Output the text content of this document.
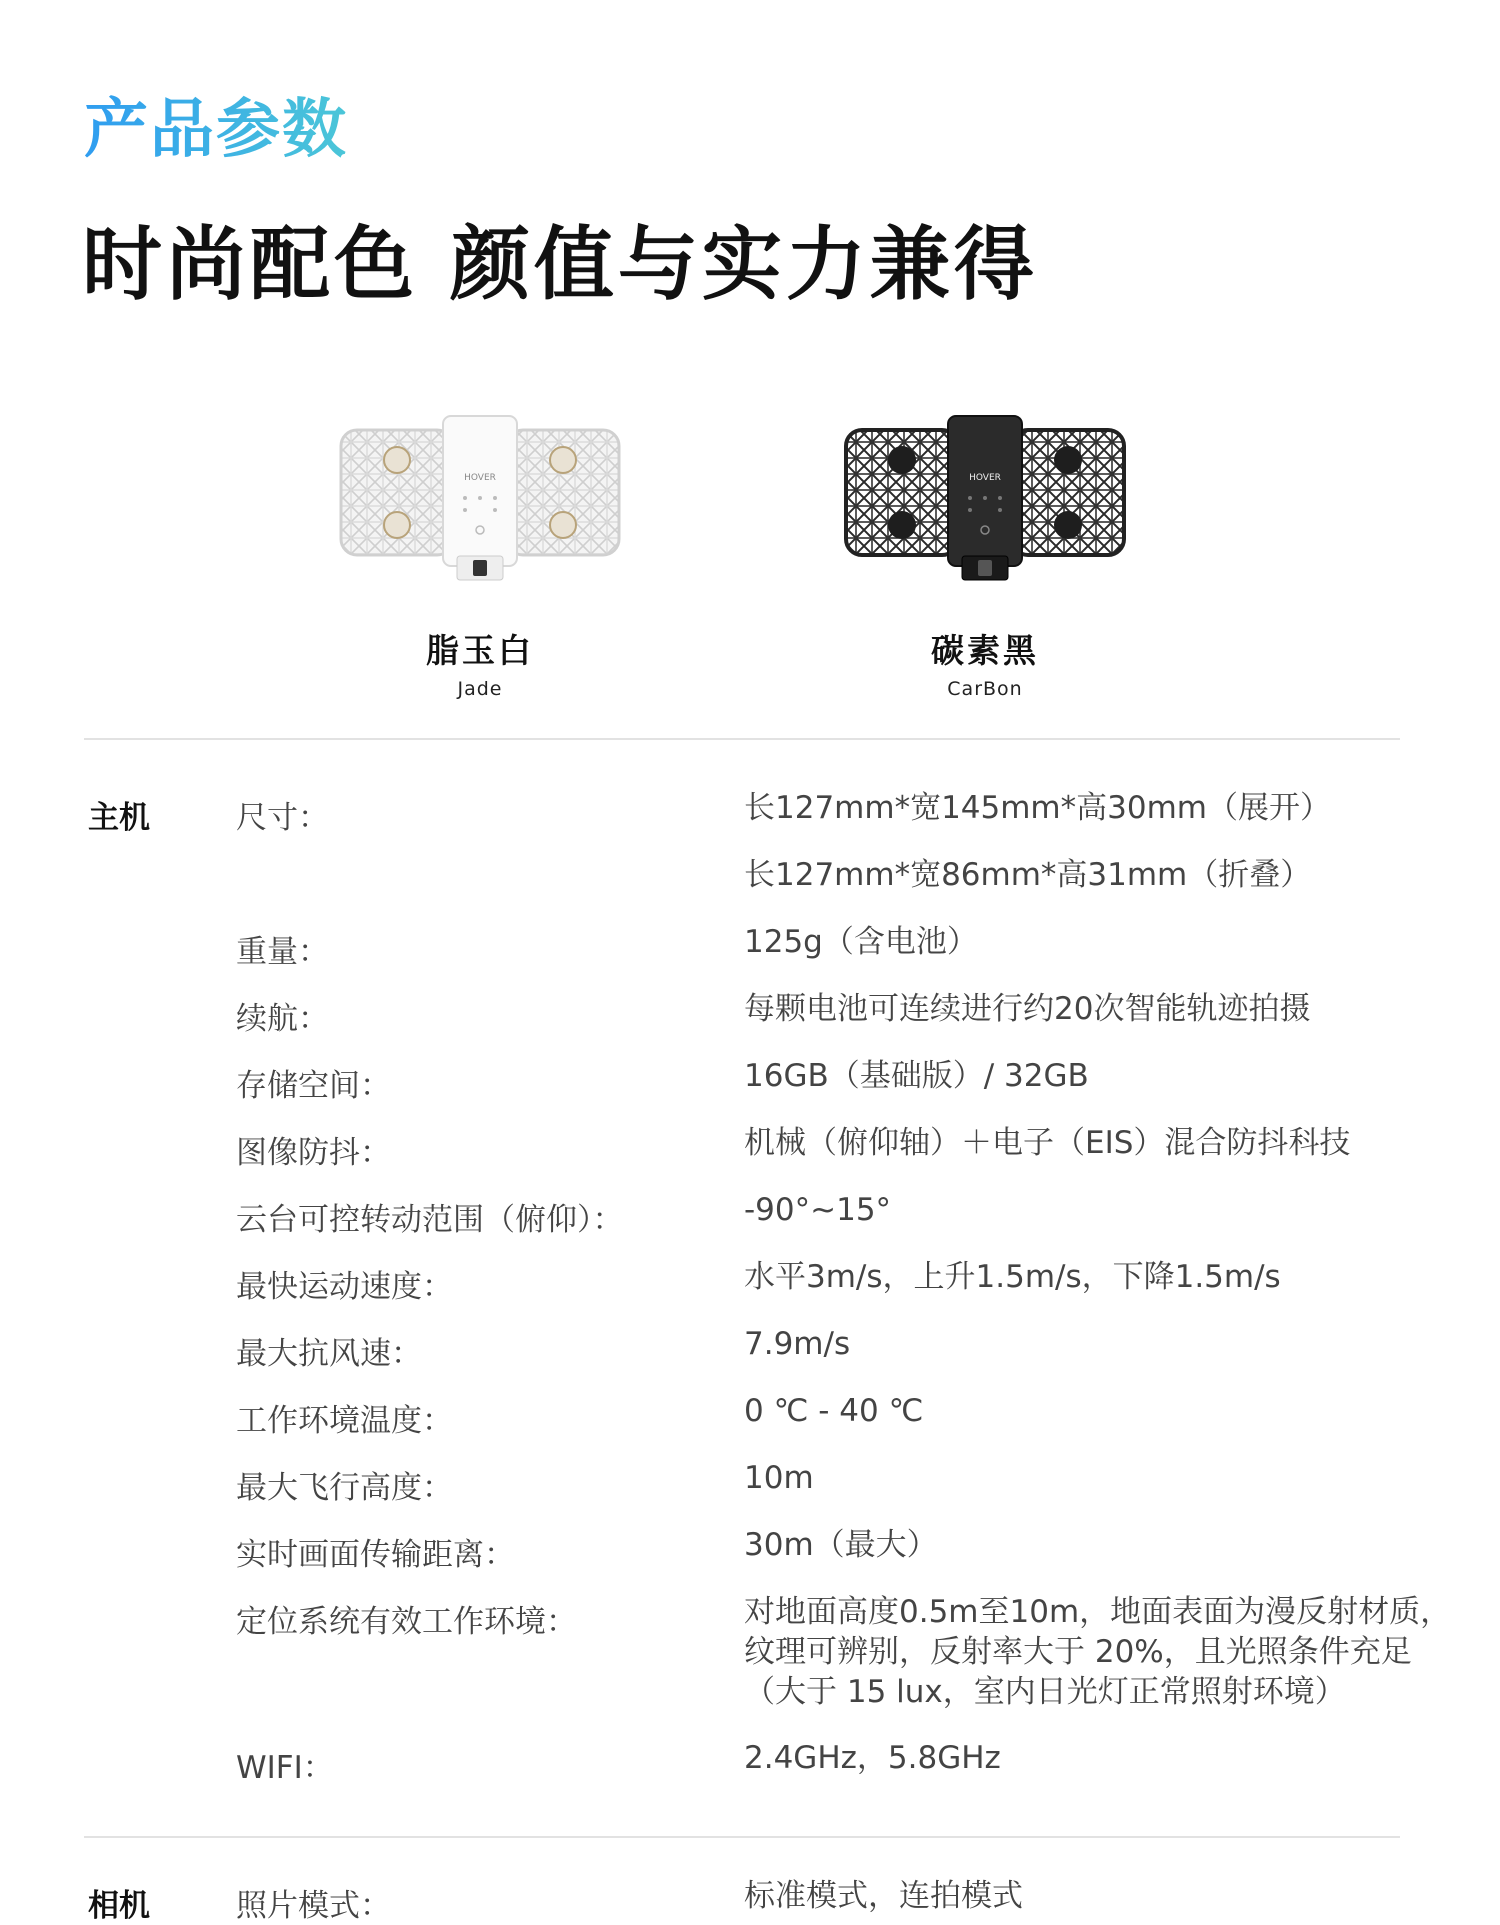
产品参数
时尚配色 颜值与实力兼得
HOVER
脂玉白
Jade
HOVER
碳素黑
CarBon
主机	尺寸：	长127mm*宽145mm*高30mm（展开）
长127mm*宽86mm*高31mm（折叠）
重量：	125g（含电池）
续航：	每颗电池可连续进行约20次智能轨迹拍摄
存储空间：	16GB（基础版）/ 32GB
图像防抖：	机械（俯仰轴）＋电子（EIS）混合防抖科技
云台可控转动范围（俯仰）：	-90°~15°
最快运动速度：	水平3m/s，上升1.5m/s，下降1.5m/s
最大抗风速：	7.9m/s
工作环境温度：	0 ℃ - 40 ℃
最大飞行高度：	10m
实时画面传输距离：	30m（最大）
定位系统有效工作环境：	对地面高度0.5m至10m，地面表面为漫反射材质，
纹理可辨别，反射率大于 20%，且光照条件充足
（大于 15 lux，室内日光灯正常照射环境）
WIFI：	2.4GHz，5.8GHz
相机	照片模式：	标准模式，连拍模式
